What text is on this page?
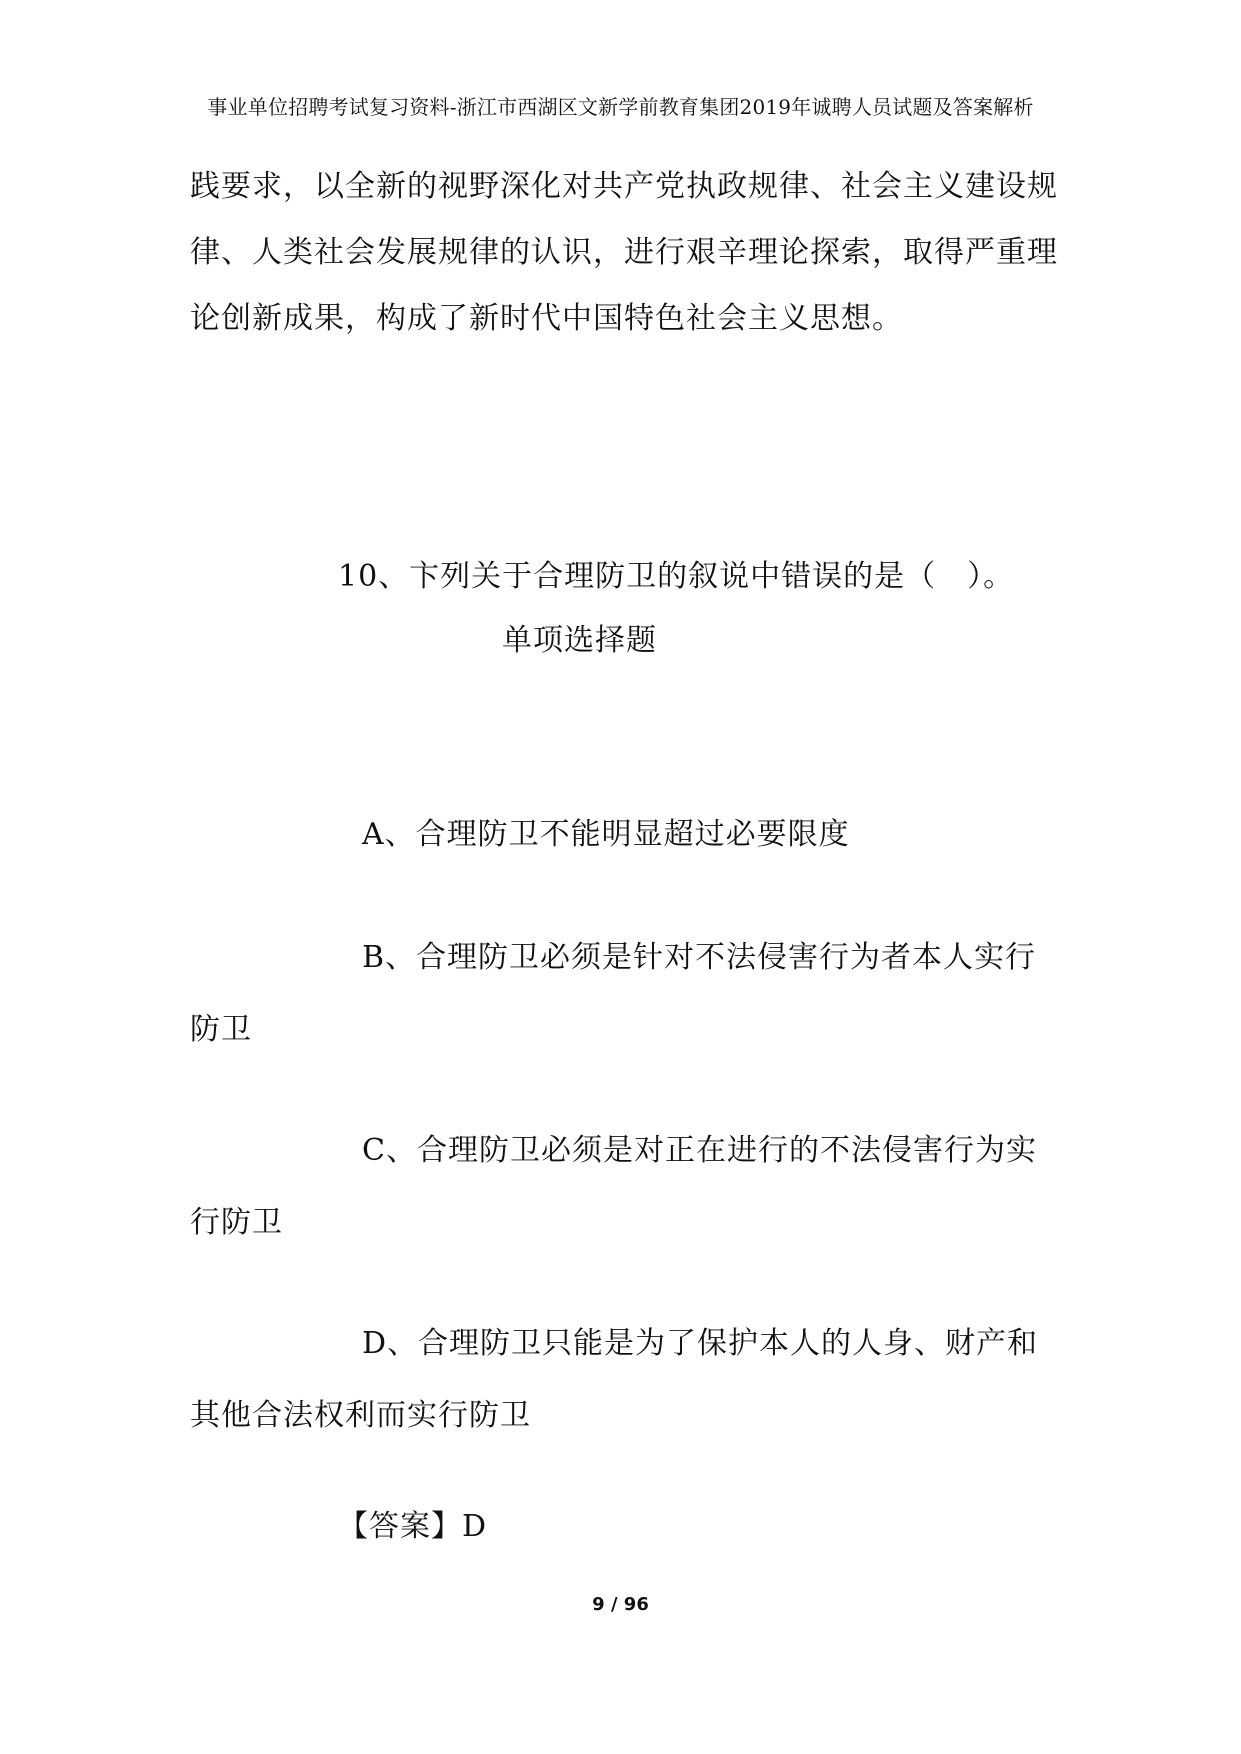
事业单位招聘考试复习资料-浙江市西湖区文新学前教育集团2019年诚聘人员试题及答案解析
践要求，以全新的视野深化对共产党执政规律、社会主义建设规
律、人类社会发展规律的认识，进行艰辛理论探索，取得严重理
论创新成果，构成了新时代中国特色社会主义思想。
10、卞列关于合理防卫的叙说中错误的是（　）。
单项选择题
A、合理防卫不能明显超过必要限度
B、合理防卫必须是针对不法侵害行为者本人实行
防卫
C、合理防卫必须是对正在进行的不法侵害行为实
行防卫
D、合理防卫只能是为了保护本人的人身、财产和
其他合法权利而实行防卫
【答案】D
9 / 96
